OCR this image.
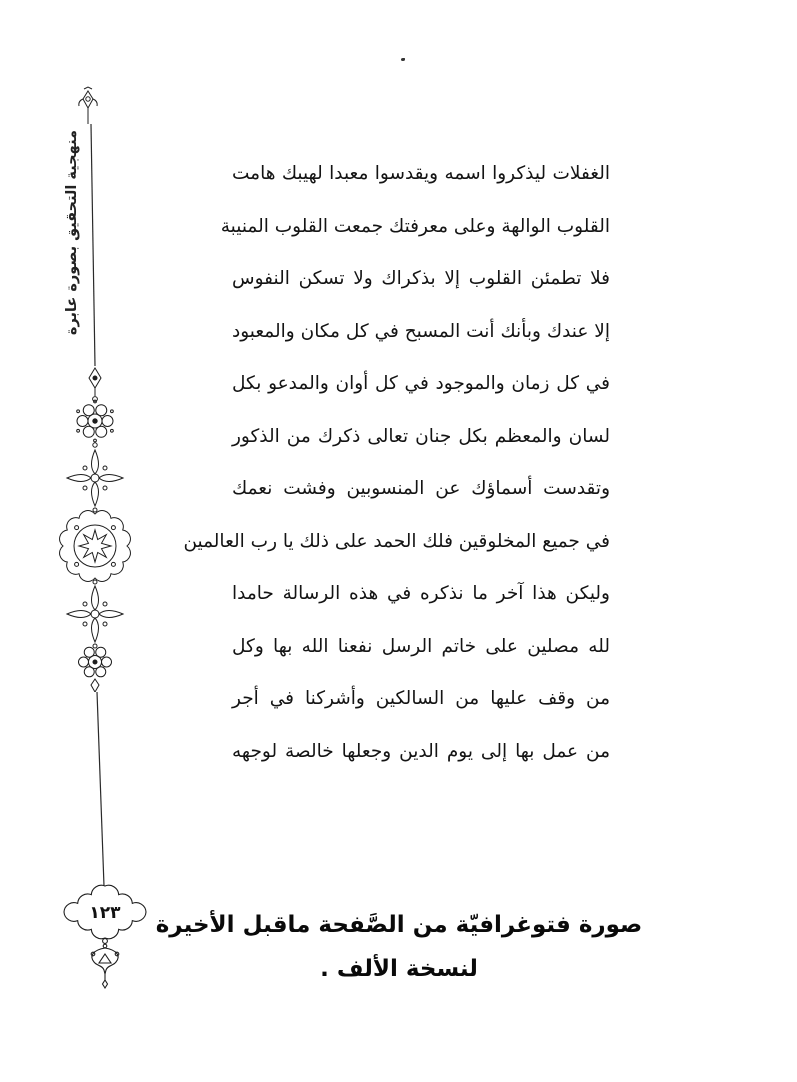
منهجية التحقيق بصورة عابرة
١٢٣
الغفلات ليذكروا اسمه ويقدسوا معبدا لهيبك هامت
القلوب الوالهة وعلى معرفتك جمعت القلوب المنيبة
فلا تطمئن القلوب إلا بذكراك ولا تسكن النفوس
إلا عندك وبأنك أنت المسبح في كل مكان والمعبود
في كل زمان والموجود في كل أوان والمدعو بكل
لسان والمعظم بكل جنان تعالى ذكرك من الذكور
وتقدست أسماؤك عن المنسوبين وفشت نعمك
في جميع المخلوقين فلك الحمد على ذلك يا رب العالمين
وليكن هذا آخر ما نذكره في هذه الرسالة حامدا
لله مصلين على خاتم الرسل نفعنا الله بها وكل
من وقف عليها من السالكين وأشركنا في أجر
من عمل بها إلى يوم الدين وجعلها خالصة لوجهه
صورة فتوغرافيّة من الصَّفحة ماقبل الأخيرة لنسخة الألف .
